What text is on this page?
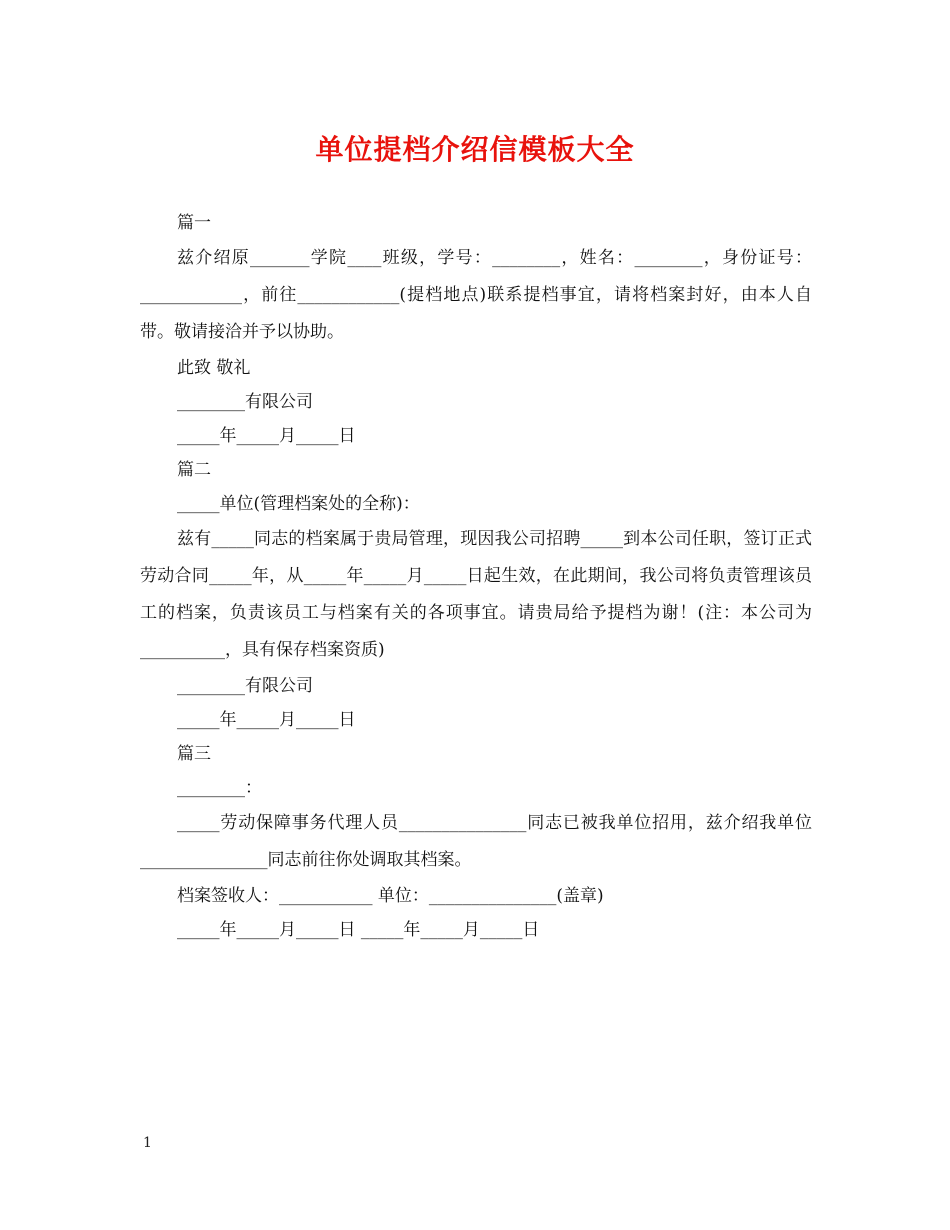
单位提档介绍信模板大全
篇一

兹介绍原_______学院____班级，学号：________，姓名：________，身份证号：____________，前往____________(提档地点)联系提档事宜，请将档案封好，由本人自带。敬请接洽并予以协助。

此致 敬礼
________有限公司
_____年_____月_____日
篇二
_____单位(管理档案处的全称)：

兹有_____同志的档案属于贵局管理，现因我公司招聘_____到本公司任职，签订正式劳动合同_____年，从_____年_____月_____日起生效，在此期间，我公司将负责管理该员工的档案，负责该员工与档案有关的各项事宜。请贵局给予提档为谢！(注：本公司为__________，具有保存档案资质)

________有限公司
_____年_____月_____日
篇三
________：

_____劳动保障事务代理人员_______________同志已被我单位招用，兹介绍我单位_______________同志前往你处调取其档案。

档案签收人：___________ 单位：_______________(盖章)
_____年_____月_____日 _____年_____月_____日
1
